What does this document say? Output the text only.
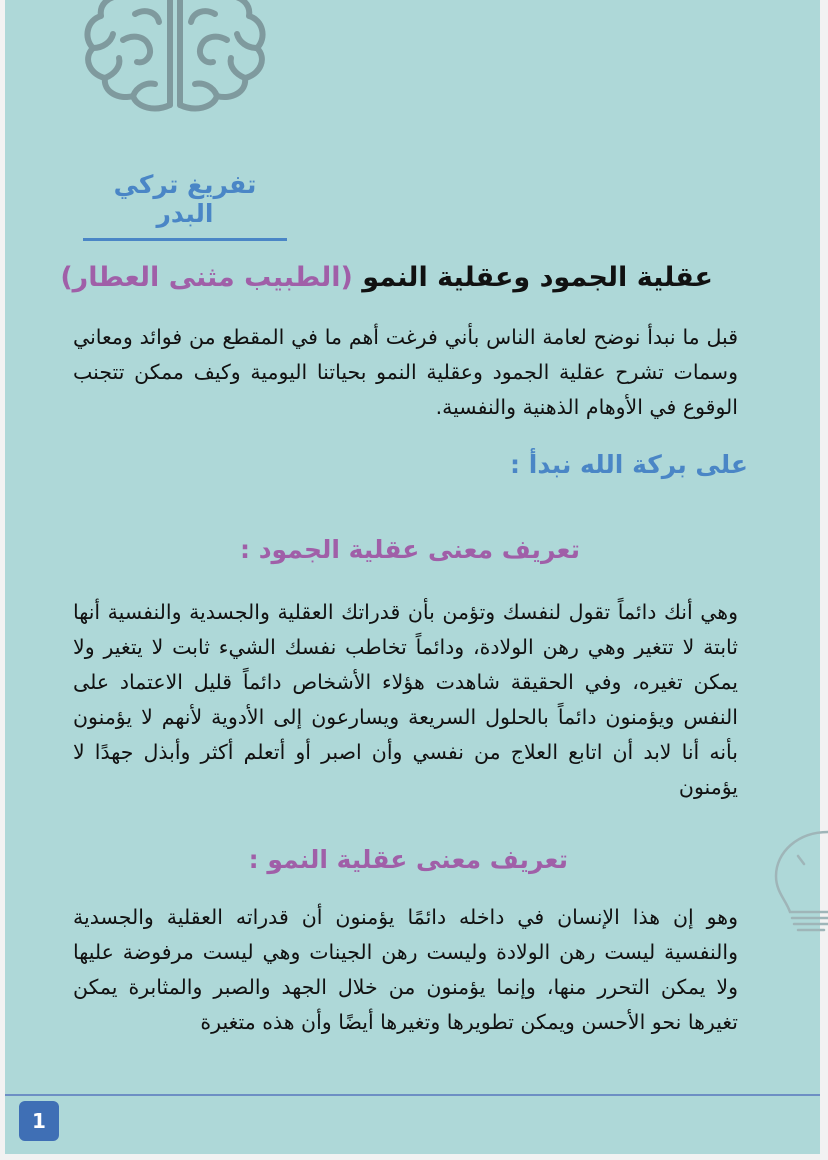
تفريغ تركي البدر
عقلية الجمود وعقلية النمو (الطبيب مثنى العطار)
قبل ما نبدأ نوضح لعامة الناس بأني فرغت أهم ما في المقطع من فوائد ومعاني وسمات تشرح عقلية الجمود وعقلية النمو بحياتنا اليومية وكيف ممكن تتجنب الوقوع في الأوهام الذهنية والنفسية.
على بركة الله نبدأ :
تعريف معنى عقلية الجمود :
وهي أنك دائماً تقول لنفسك وتؤمن بأن قدراتك العقلية والجسدية والنفسية أنها ثابتة لا تتغير وهي رهن الولادة، ودائماً تخاطب نفسك الشيء ثابت لا يتغير ولا يمكن تغيره، وفي الحقيقة شاهدت هؤلاء الأشخاص دائماً قليل الاعتماد على النفس ويؤمنون دائماً بالحلول السريعة ويسارعون إلى الأدوية لأنهم لا يؤمنون بأنه أنا لابد أن اتابع العلاج من نفسي وأن اصبر أو أتعلم أكثر وأبذل جهدًا لا يؤمنون
تعريف معنى عقلية النمو :
وهو إن هذا الإنسان في داخله دائمًا يؤمنون أن قدراته العقلية والجسدية والنفسية ليست رهن الولادة وليست رهن الجينات وهي ليست مرفوضة عليها ولا يمكن التحرر منها، وإنما يؤمنون من خلال الجهد والصبر والمثابرة يمكن تغيرها نحو الأحسن ويمكن تطويرها وتغيرها أيضًا وأن هذه متغيرة
1
